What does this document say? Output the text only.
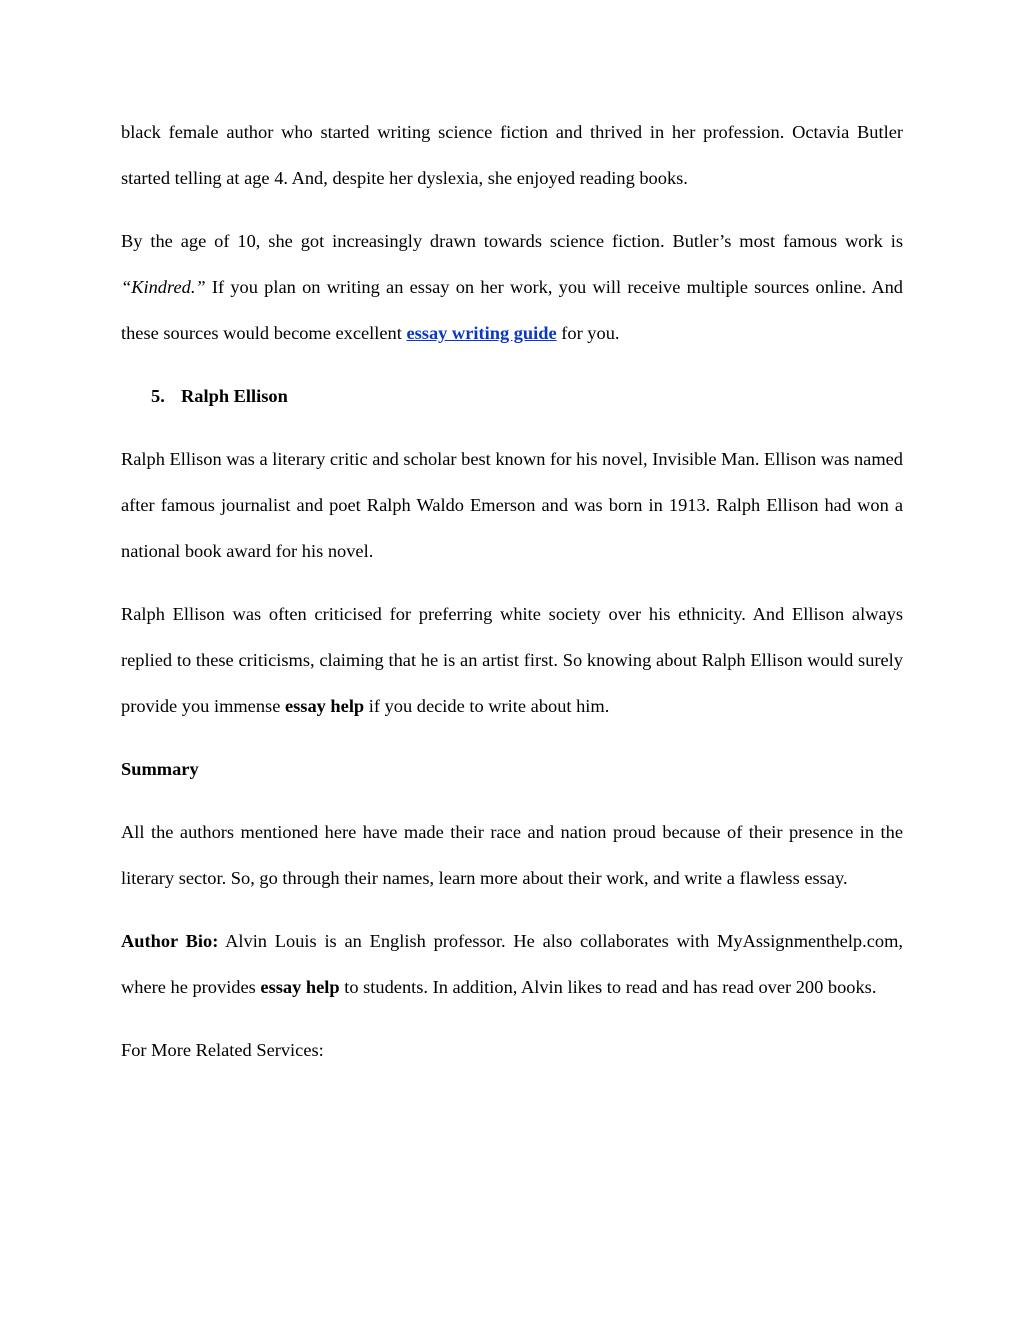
black female author who started writing science fiction and thrived in her profession. Octavia Butler started telling at age 4. And, despite her dyslexia, she enjoyed reading books.

By the age of 10, she got increasingly drawn towards science fiction. Butler’s most famous work is “Kindred.” If you plan on writing an essay on her work, you will receive multiple sources online. And these sources would become excellent essay writing guide for you.

5. Ralph Ellison

Ralph Ellison was a literary critic and scholar best known for his novel, Invisible Man. Ellison was named after famous journalist and poet Ralph Waldo Emerson and was born in 1913. Ralph Ellison had won a national book award for his novel.

Ralph Ellison was often criticised for preferring white society over his ethnicity. And Ellison always replied to these criticisms, claiming that he is an artist first. So knowing about Ralph Ellison would surely provide you immense essay help if you decide to write about him.

Summary

All the authors mentioned here have made their race and nation proud because of their presence in the literary sector. So, go through their names, learn more about their work, and write a flawless essay.

Author Bio: Alvin Louis is an English professor. He also collaborates with MyAssignmenthelp.com, where he provides essay help to students. In addition, Alvin likes to read and has read over 200 books.

For More Related Services:
